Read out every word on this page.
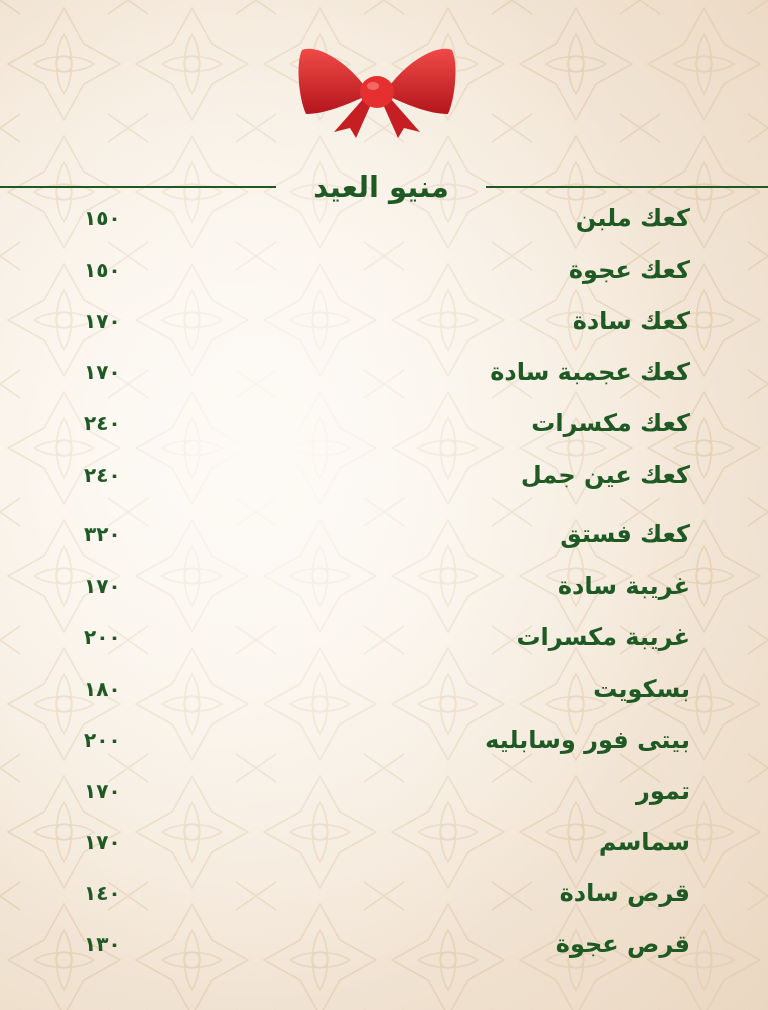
منيو العيد
كعك ملبن
١٥٠
كعك عجوة
١٥٠
كعك سادة
١٧٠
كعك عجمبة سادة
١٧٠
كعك مكسرات
٢٤٠
كعك عين جمل
٢٤٠
كعك فستق
٣٢٠
غريبة سادة
١٧٠
غريبة مكسرات
٢٠٠
بسكويت
١٨٠
بيتى فور وسابليه
٢٠٠
تمور
١٧٠
سماسم
١٧٠
قرص سادة
١٤٠
قرص عجوة
١٣٠
